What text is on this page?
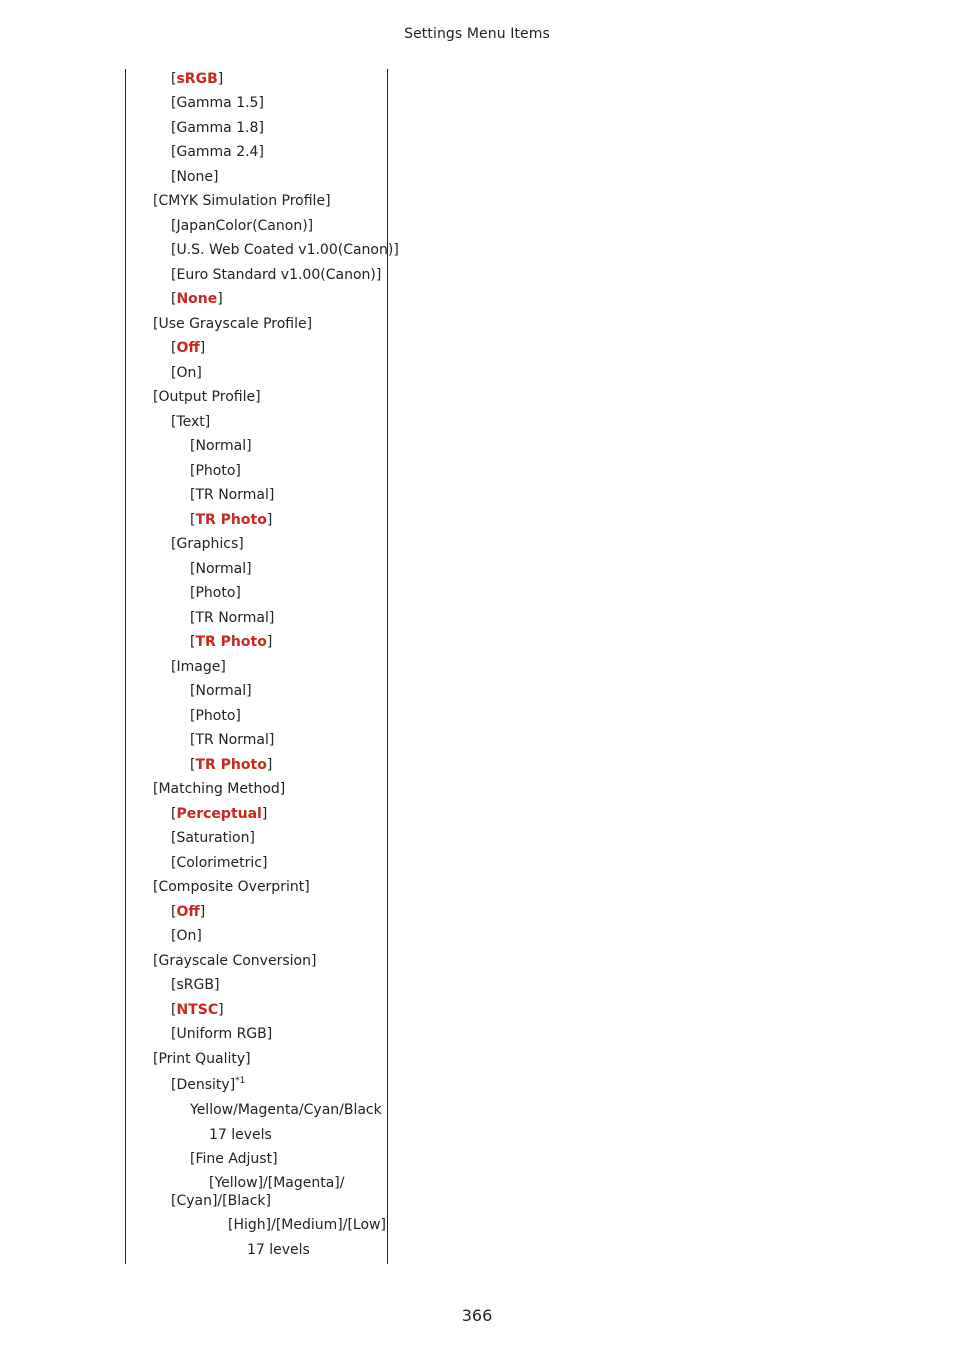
Settings Menu Items
[sRGB]
[Gamma 1.5]
[Gamma 1.8]
[Gamma 2.4]
[None]
[CMYK Simulation Profile]
[JapanColor(Canon)]
[U.S. Web Coated v1.00(Canon)]
[Euro Standard v1.00(Canon)]
[None]
[Use Grayscale Profile]
[Off]
[On]
[Output Profile]
[Text]
[Normal]
[Photo]
[TR Normal]
[TR Photo]
[Graphics]
[Normal]
[Photo]
[TR Normal]
[TR Photo]
[Image]
[Normal]
[Photo]
[TR Normal]
[TR Photo]
[Matching Method]
[Perceptual]
[Saturation]
[Colorimetric]
[Composite Overprint]
[Off]
[On]
[Grayscale Conversion]
[sRGB]
[NTSC]
[Uniform RGB]
[Print Quality]
[Density]$^{*1}$
Yellow/Magenta/Cyan/Black
17 levels
[Fine Adjust]
[Yellow]/[Magenta]/ [Cyan]/[Black]
[High]/[Medium]/[Low]
17 levels
366
